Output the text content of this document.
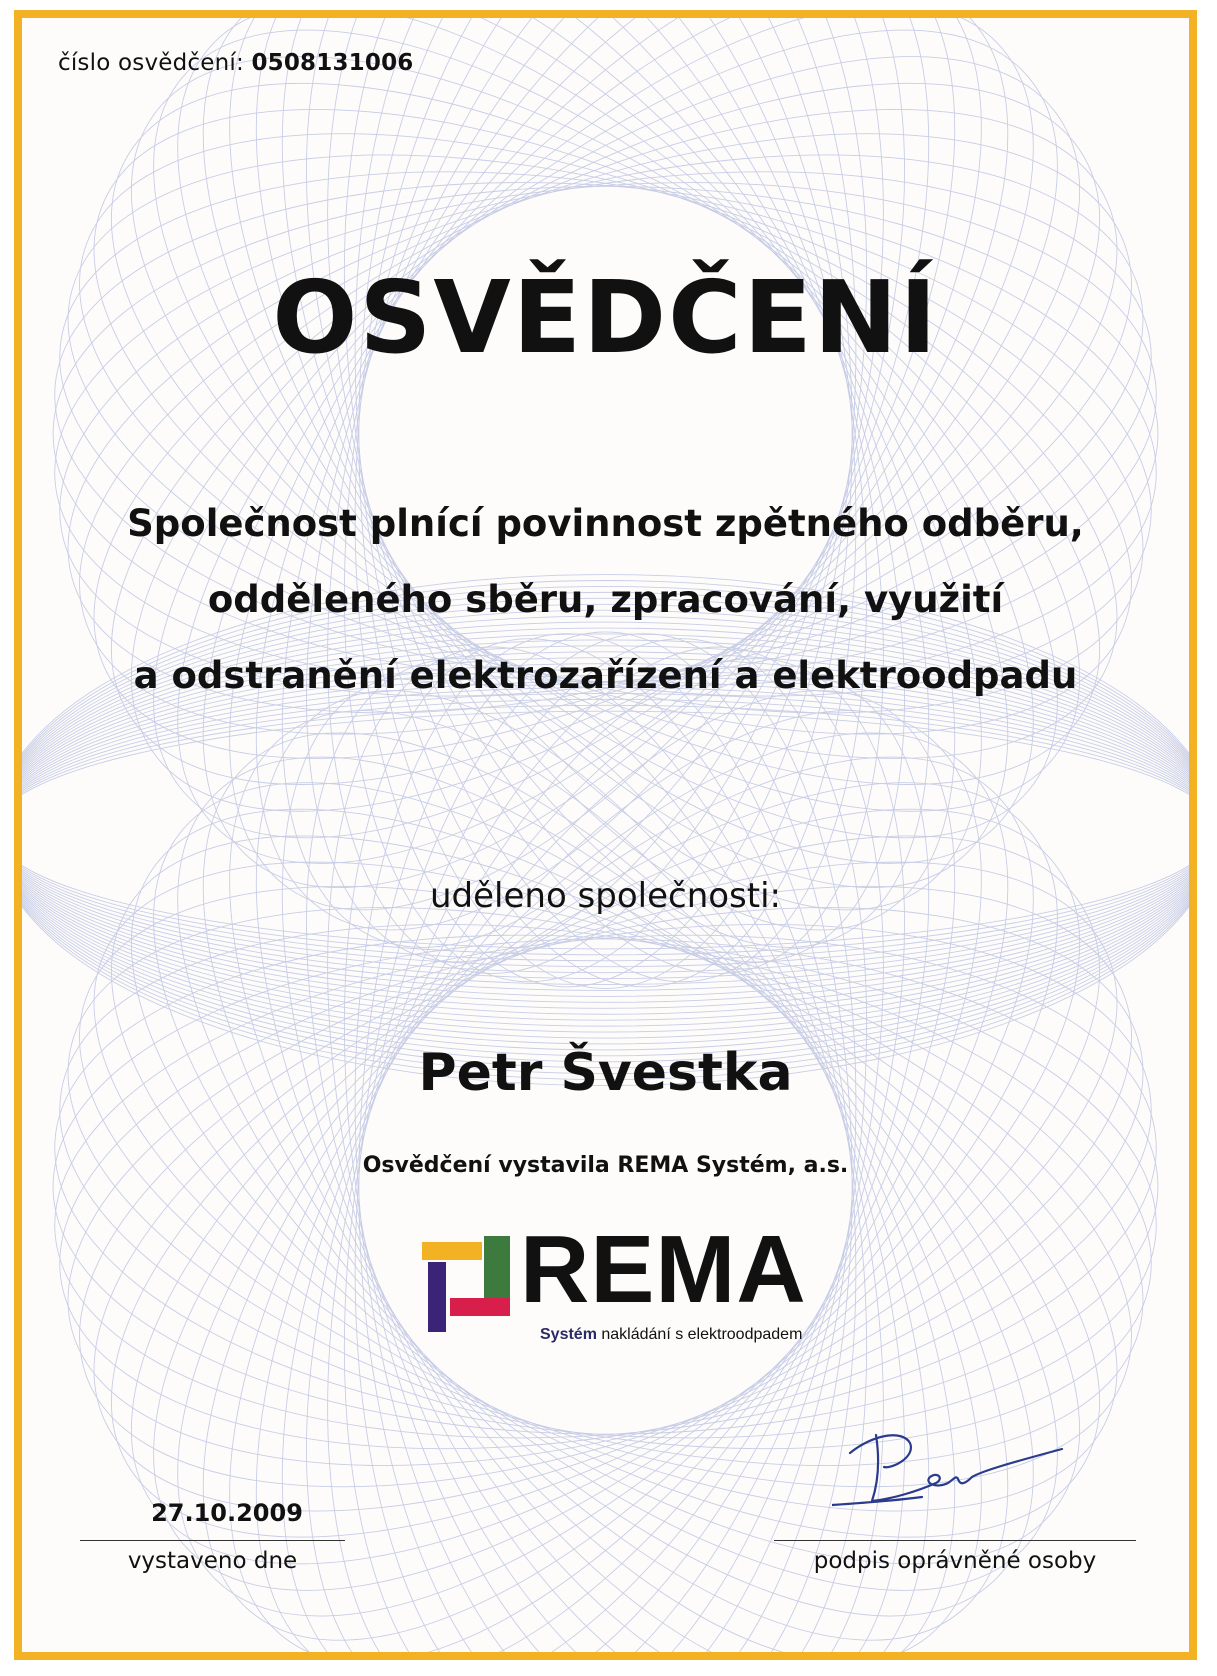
číslo osvědčení: 0508131006
OSVĚDČENÍ
Společnost plnící povinnost zpětného odběru,
odděleného sběru, zpracování, využití
a odstranění elektrozařízení a elektroodpadu
uděleno společnosti:
Petr Švestka
Osvědčení vystavila REMA Systém, a.s.
REMA
Systém nakládání s elektroodpadem
27.10.2009
vystaveno dne	podpis oprávněné osoby
